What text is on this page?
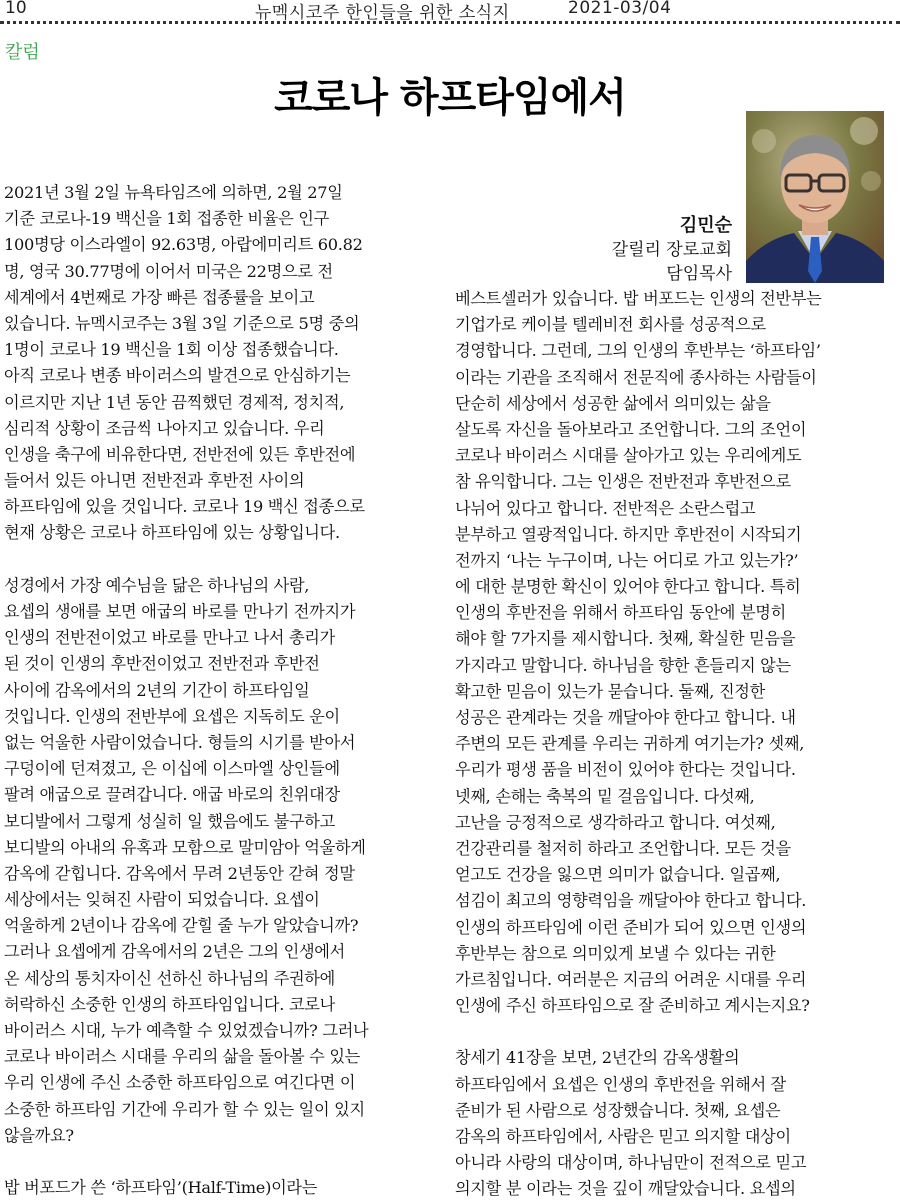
10	뉴멕시코주 한인들을 위한 소식지	2021-03/04
칼럼
코로나 하프타임에서
김민순
갈릴리 장로교회
담임목사
2021년 3월 2일 뉴욕타임즈에 의하면, 2월 27일
기준 코로나-19 백신을 1회 접종한 비율은 인구
100명당 이스라엘이 92.63명, 아랍에미리트 60.82
명, 영국 30.77명에 이어서 미국은 22명으로 전
세계에서 4번째로 가장 빠른 접종률을 보이고
있습니다. 뉴멕시코주는 3월 3일 기준으로 5명 중의
1명이 코로나 19 백신을 1회 이상 접종했습니다.
아직 코로나 변종 바이러스의 발견으로 안심하기는
이르지만 지난 1년 동안 끔찍했던 경제적, 정치적,
심리적 상황이 조금씩 나아지고 있습니다. 우리
인생을 축구에 비유한다면, 전반전에 있든 후반전에
들어서 있든 아니면 전반전과 후반전 사이의
하프타임에 있을 것입니다. 코로나 19 백신 접종으로
현재 상황은 코로나 하프타임에 있는 상황입니다.
성경에서 가장 예수님을 닮은 하나님의 사람,
요셉의 생애를 보면 애굽의 바로를 만나기 전까지가
인생의 전반전이었고 바로를 만나고 나서 총리가
된 것이 인생의 후반전이었고 전반전과 후반전
사이에 감옥에서의 2년의 기간이 하프타임일
것입니다. 인생의 전반부에 요셉은 지독히도 운이
없는 억울한 사람이었습니다. 형들의 시기를 받아서
구덩이에 던져졌고, 은 이십에 이스마엘 상인들에
팔려 애굽으로 끌려갑니다. 애굽 바로의 친위대장
보디발에서 그렇게 성실히 일 했음에도 불구하고
보디발의 아내의 유혹과 모함으로 말미암아 억울하게
감옥에 갇힙니다. 감옥에서 무려 2년동안 갇혀 정말
세상에서는 잊혀진 사람이 되었습니다. 요셉이
억울하게 2년이나 감옥에 갇힐 줄 누가 알았습니까?
그러나 요셉에게 감옥에서의 2년은 그의 인생에서
온 세상의 통치자이신 선하신 하나님의 주권하에
허락하신 소중한 인생의 하프타임입니다. 코로나
바이러스 시대, 누가 예측할 수 있었겠습니까? 그러나
코로나 바이러스 시대를 우리의 삶을 돌아볼 수 있는
우리 인생에 주신 소중한 하프타임으로 여긴다면 이
소중한 하프타임 기간에 우리가 할 수 있는 일이 있지
않을까요?
밥 버포드가 쓴 ‘하프타임’(Half-Time)이라는
베스트셀러가 있습니다. 밥 버포드는 인생의 전반부는
기업가로 케이블 텔레비전 회사를 성공적으로
경영합니다. 그런데, 그의 인생의 후반부는 ‘하프타임’
이라는 기관을 조직해서 전문직에 종사하는 사람들이
단순히 세상에서 성공한 삶에서 의미있는 삶을
살도록 자신을 돌아보라고 조언합니다. 그의 조언이
코로나 바이러스 시대를 살아가고 있는 우리에게도
참 유익합니다. 그는 인생은 전반전과 후반전으로
나뉘어 있다고 합니다. 전반적은 소란스럽고
분부하고 열광적입니다. 하지만 후반전이 시작되기
전까지 ‘나는 누구이며, 나는 어디로 가고 있는가?’
에 대한 분명한 확신이 있어야 한다고 합니다. 특히
인생의 후반전을 위해서 하프타임 동안에 분명히
해야 할 7가지를 제시합니다. 첫째, 확실한 믿음을
가지라고 말합니다. 하나님을 향한 흔들리지 않는
확고한 믿음이 있는가 묻습니다. 둘째, 진정한
성공은 관계라는 것을 깨달아야 한다고 합니다. 내
주변의 모든 관계를 우리는 귀하게 여기는가? 셋째,
우리가 평생 품을 비전이 있어야 한다는 것입니다.
넷째, 손해는 축복의 밑 걸음입니다. 다섯째,
고난을 긍정적으로 생각하라고 합니다. 여섯째,
건강관리를 철저히 하라고 조언합니다. 모든 것을
얻고도 건강을 잃으면 의미가 없습니다. 일곱째,
섬김이 최고의 영향력임을 깨달아야 한다고 합니다.
인생의 하프타임에 이런 준비가 되어 있으면 인생의
후반부는 참으로 의미있게 보낼 수 있다는 귀한
가르침입니다. 여러분은 지금의 어려운 시대를 우리
인생에 주신 하프타임으로 잘 준비하고 계시는지요?
창세기 41장을 보면, 2년간의 감옥생활의
하프타임에서 요셉은 인생의 후반전을 위해서 잘
준비가 된 사람으로 성장했습니다. 첫째, 요셉은
감옥의 하프타임에서, 사람은 믿고 의지할 대상이
아니라 사랑의 대상이며, 하나님만이 전적으로 믿고
의지할 분 이라는 것을 깊이 깨달았습니다. 요셉의
